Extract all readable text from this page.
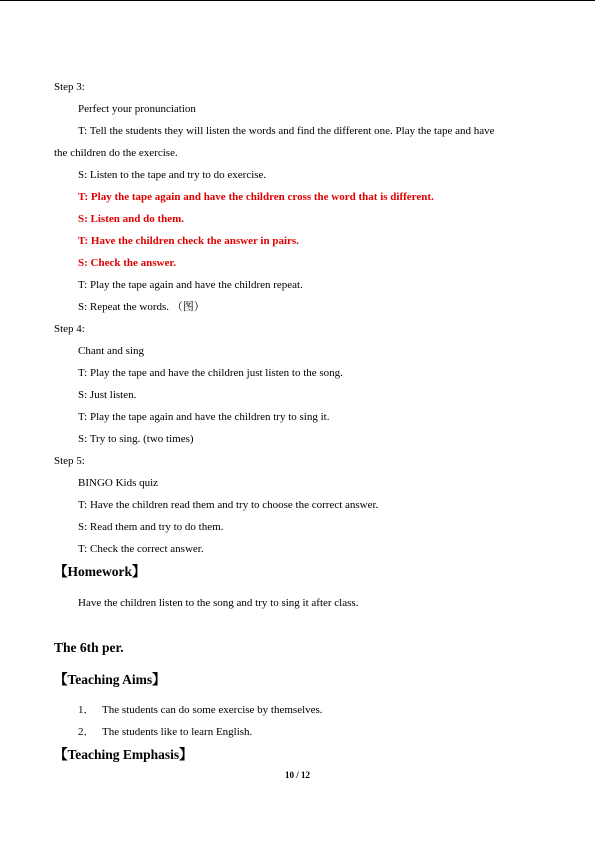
Step 3:
Perfect your pronunciation
T: Tell the students they will listen the words and find the different one. Play the tape and have
the children do the exercise.
S: Listen to the tape and try to do exercise.
T: Play the tape again and have the children cross the word that is different.
S: Listen and do them.
T: Have the children check the answer in pairs.
S: Check the answer.
T: Play the tape again and have the children repeat.
S: Repeat the words. （图）
Step 4:
Chant and sing
T: Play the tape and have the children just listen to the song.
S: Just listen.
T: Play the tape again and have the children try to sing it.
S: Try to sing. (two times)
Step 5:
BINGO Kids quiz
T: Have the children read them and try to choose the correct answer.
S: Read them and try to do them.
T: Check the correct answer.
【Homework】
Have the children listen to the song and try to sing it after class.
The 6th per.
【Teaching Aims】
1． The students can do some exercise by themselves.
2． The students like to learn English.
【Teaching Emphasis】
10 / 12
